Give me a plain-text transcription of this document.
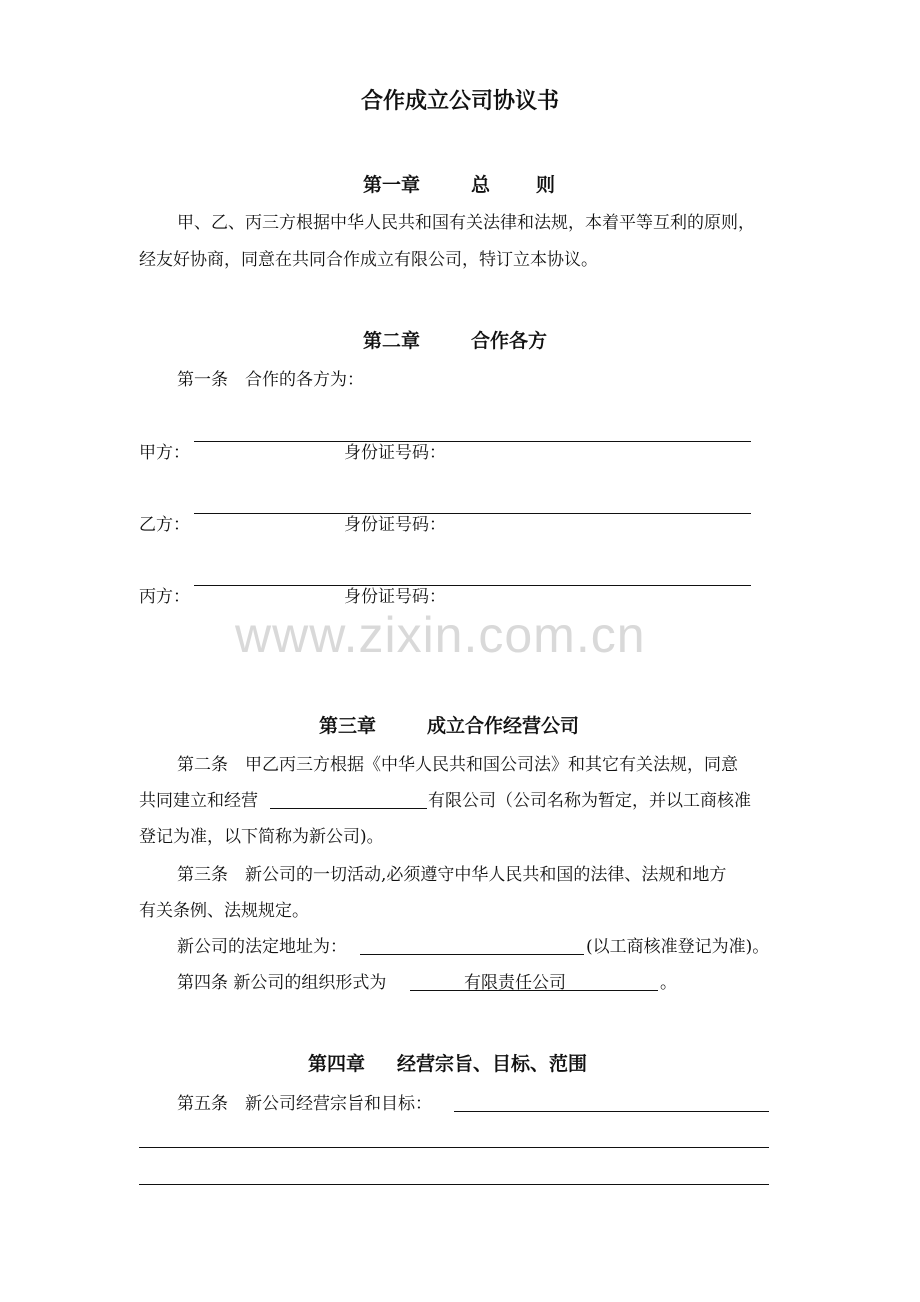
合作成立公司协议书
第一章	总 则
甲、乙、丙三方根据中华人民共和国有关法律和法规，本着平等互利的原则，
经友好协商，同意在共同合作成立有限公司，特订立本协议。
第二章	合作各方
第一条　合作的各方为：
甲方：	身份证号码：
乙方：	身份证号码：
丙方：	身份证号码：
www.zixin.com.cn
第三章	成立合作经营公司
第二条　甲乙丙三方根据《中华人民共和国公司法》和其它有关法规，同意
共同建立和经营	有限公司（公司名称为暂定，并以工商核准
登记为准，以下简称为新公司)。
第三条　新公司的一切活动,必须遵守中华人民共和国的法律、法规和地方
有关条例、法规规定。
新公司的法定地址为：	(以工商核准登记为准)。
第四条 新公司的组织形式为	有限责任公司	。
第四章 经营宗旨、目标、范围
第五条　新公司经营宗旨和目标：
